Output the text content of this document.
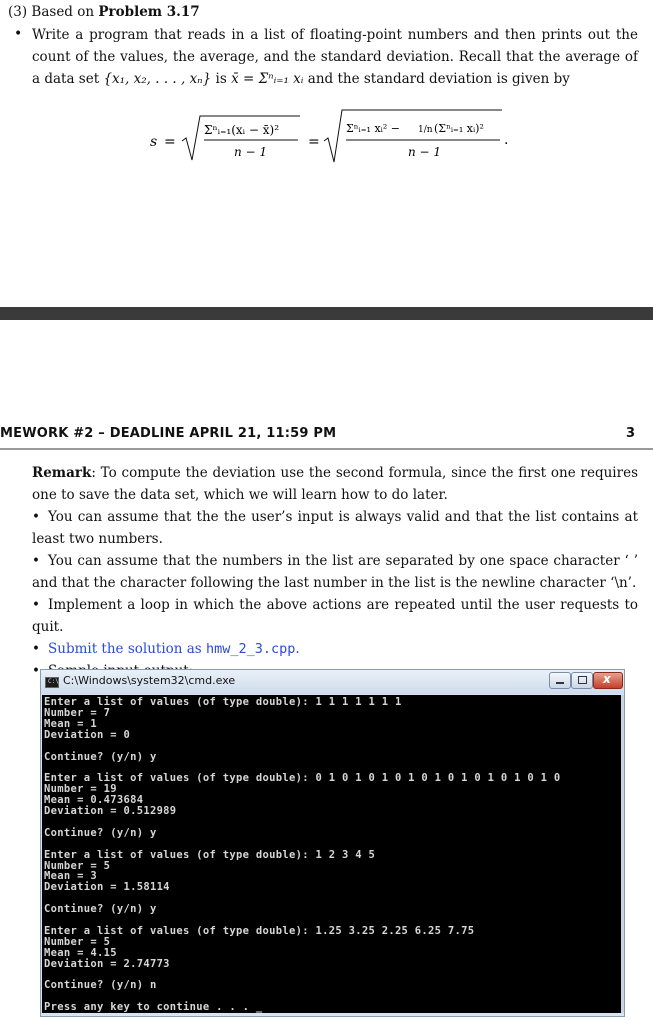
(3) Based on Problem 3.17
• Write a program that reads in a list of floating-point numbers and then prints out the count of the values, the average, and the standard deviation. Recall that the average of a data set {x₁, x₂, . . . , xₙ} is x̄ = Σⁿᵢ₌₁ xᵢ and the standard deviation is given by
s =
Σⁿᵢ₌₁(xᵢ − x̄)²
n − 1
=
Σⁿᵢ₌₁ xᵢ² − 1/n (Σⁿᵢ₌₁ xᵢ)²
n − 1
.
MEWORK #2 – DEADLINE APRIL 21, 11:59 PM	3
Remark: To compute the deviation use the second formula, since the first one requires one to save the data set, which we will learn how to do later.
• You can assume that the the user’s input is always valid and that the list contains at least two numbers.
• You can assume that the numbers in the list are separated by one space character ‘ ’ and that the character following the last number in the list is the newline character ‘\n’.
• Implement a loop in which the above actions are repeated until the user requests to quit.
• Submit the solution as hmw_2_3.cpp.
•
C:\ C:\Windows\system32\cmd.exe	x
Enter a list of values (of type double): 1 1 1 1 1 1 1
Number = 7
Mean = 1
Deviation = 0
Continue? (y/n) y
Enter a list of values (of type double): 0 1 0 1 0 1 0 1 0 1 0 1 0 1 0 1 0 1 0
Number = 19
Mean = 0.473684
Deviation = 0.512989
Continue? (y/n) y
Enter a list of values (of type double): 1 2 3 4 5
Number = 5
Mean = 3
Deviation = 1.58114
Continue? (y/n) y
Enter a list of values (of type double): 1.25 3.25 2.25 6.25 7.75
Number = 5
Mean = 4.15
Deviation = 2.74773
Continue? (y/n) n
Press any key to continue . . . _
